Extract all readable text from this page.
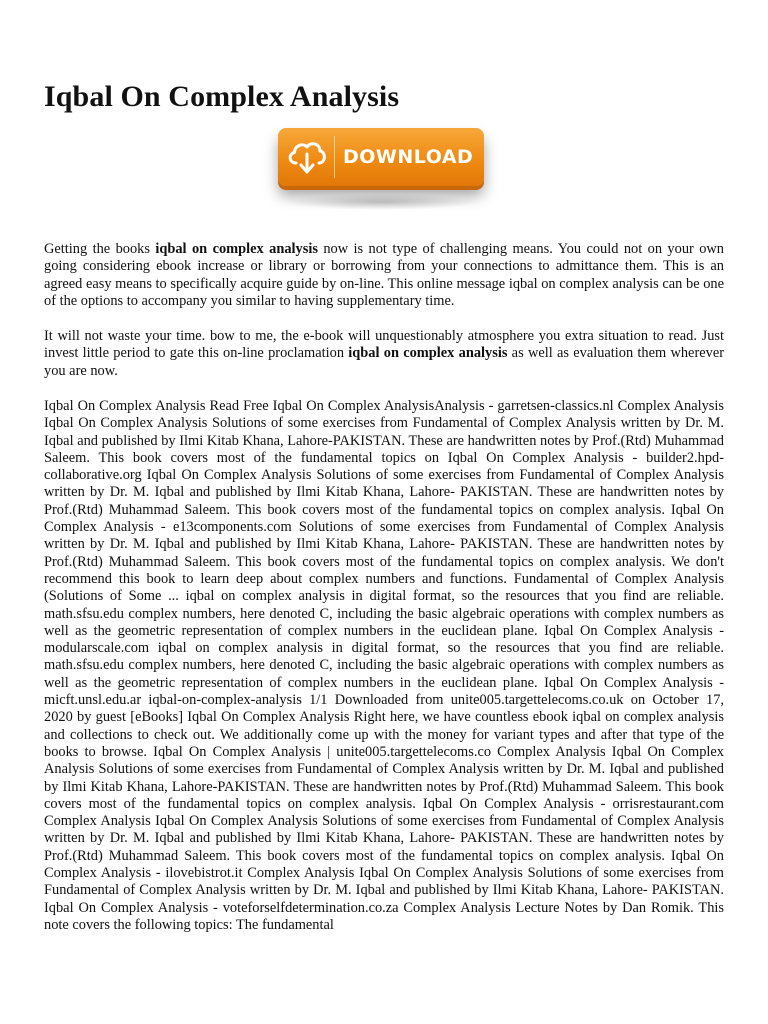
Iqbal On Complex Analysis
DOWNLOAD

Getting the books iqbal on complex analysis now is not type of challenging means. You could not on your own going considering ebook increase or library or borrowing from your connections to admittance them. This is an agreed easy means to specifically acquire guide by on-line. This online message iqbal on complex analysis can be one of the options to accompany you similar to having supplementary time.

It will not waste your time. bow to me, the e-book will unquestionably atmosphere you extra situation to read. Just invest little period to gate this on-line proclamation iqbal on complex analysis as well as evaluation them wherever you are now.

Iqbal On Complex Analysis Read Free Iqbal On Complex AnalysisAnalysis - garretsen-classics.nl Complex Analysis Iqbal On Complex Analysis Solutions of some exercises from Fundamental of Complex Analysis written by Dr. M. Iqbal and published by Ilmi Kitab Khana, Lahore-PAKISTAN. These are handwritten notes by Prof.(Rtd) Muhammad Saleem. This book covers most of the fundamental topics on Iqbal On Complex Analysis - builder2.hpd-collaborative.org Iqbal On Complex Analysis Solutions of some exercises from Fundamental of Complex Analysis written by Dr. M. Iqbal and published by Ilmi Kitab Khana, Lahore- PAKISTAN. These are handwritten notes by Prof.(Rtd) Muhammad Saleem. This book covers most of the fundamental topics on complex analysis. Iqbal On Complex Analysis - e13components.com Solutions of some exercises from Fundamental of Complex Analysis written by Dr. M. Iqbal and published by Ilmi Kitab Khana, Lahore- PAKISTAN. These are handwritten notes by Prof.(Rtd) Muhammad Saleem. This book covers most of the fundamental topics on complex analysis. We don't recommend this book to learn deep about complex numbers and functions. Fundamental of Complex Analysis (Solutions of Some ... iqbal on complex analysis in digital format, so the resources that you find are reliable. math.sfsu.edu complex numbers, here denoted C, including the basic algebraic operations with complex numbers as well as the geometric representation of complex numbers in the euclidean plane. Iqbal On Complex Analysis - modularscale.com iqbal on complex analysis in digital format, so the resources that you find are reliable. math.sfsu.edu complex numbers, here denoted C, including the basic algebraic operations with complex numbers as well as the geometric representation of complex numbers in the euclidean plane. Iqbal On Complex Analysis - micft.unsl.edu.ar iqbal-on-complex-analysis 1/1 Downloaded from unite005.targettelecoms.co.uk on October 17, 2020 by guest [eBooks] Iqbal On Complex Analysis Right here, we have countless ebook iqbal on complex analysis and collections to check out. We additionally come up with the money for variant types and after that type of the books to browse. Iqbal On Complex Analysis | unite005.targettelecoms.co Complex Analysis Iqbal On Complex Analysis Solutions of some exercises from Fundamental of Complex Analysis written by Dr. M. Iqbal and published by Ilmi Kitab Khana, Lahore-PAKISTAN. These are handwritten notes by Prof.(Rtd) Muhammad Saleem. This book covers most of the fundamental topics on complex analysis. Iqbal On Complex Analysis - orrisrestaurant.com Complex Analysis Iqbal On Complex Analysis Solutions of some exercises from Fundamental of Complex Analysis written by Dr. M. Iqbal and published by Ilmi Kitab Khana, Lahore- PAKISTAN. These are handwritten notes by Prof.(Rtd) Muhammad Saleem. This book covers most of the fundamental topics on complex analysis. Iqbal On Complex Analysis - ilovebistrot.it Complex Analysis Iqbal On Complex Analysis Solutions of some exercises from Fundamental of Complex Analysis written by Dr. M. Iqbal and published by Ilmi Kitab Khana, Lahore- PAKISTAN. Iqbal On Complex Analysis - voteforselfdetermination.co.za Complex Analysis Lecture Notes by Dan Romik. This note covers the following topics: The fundamental
